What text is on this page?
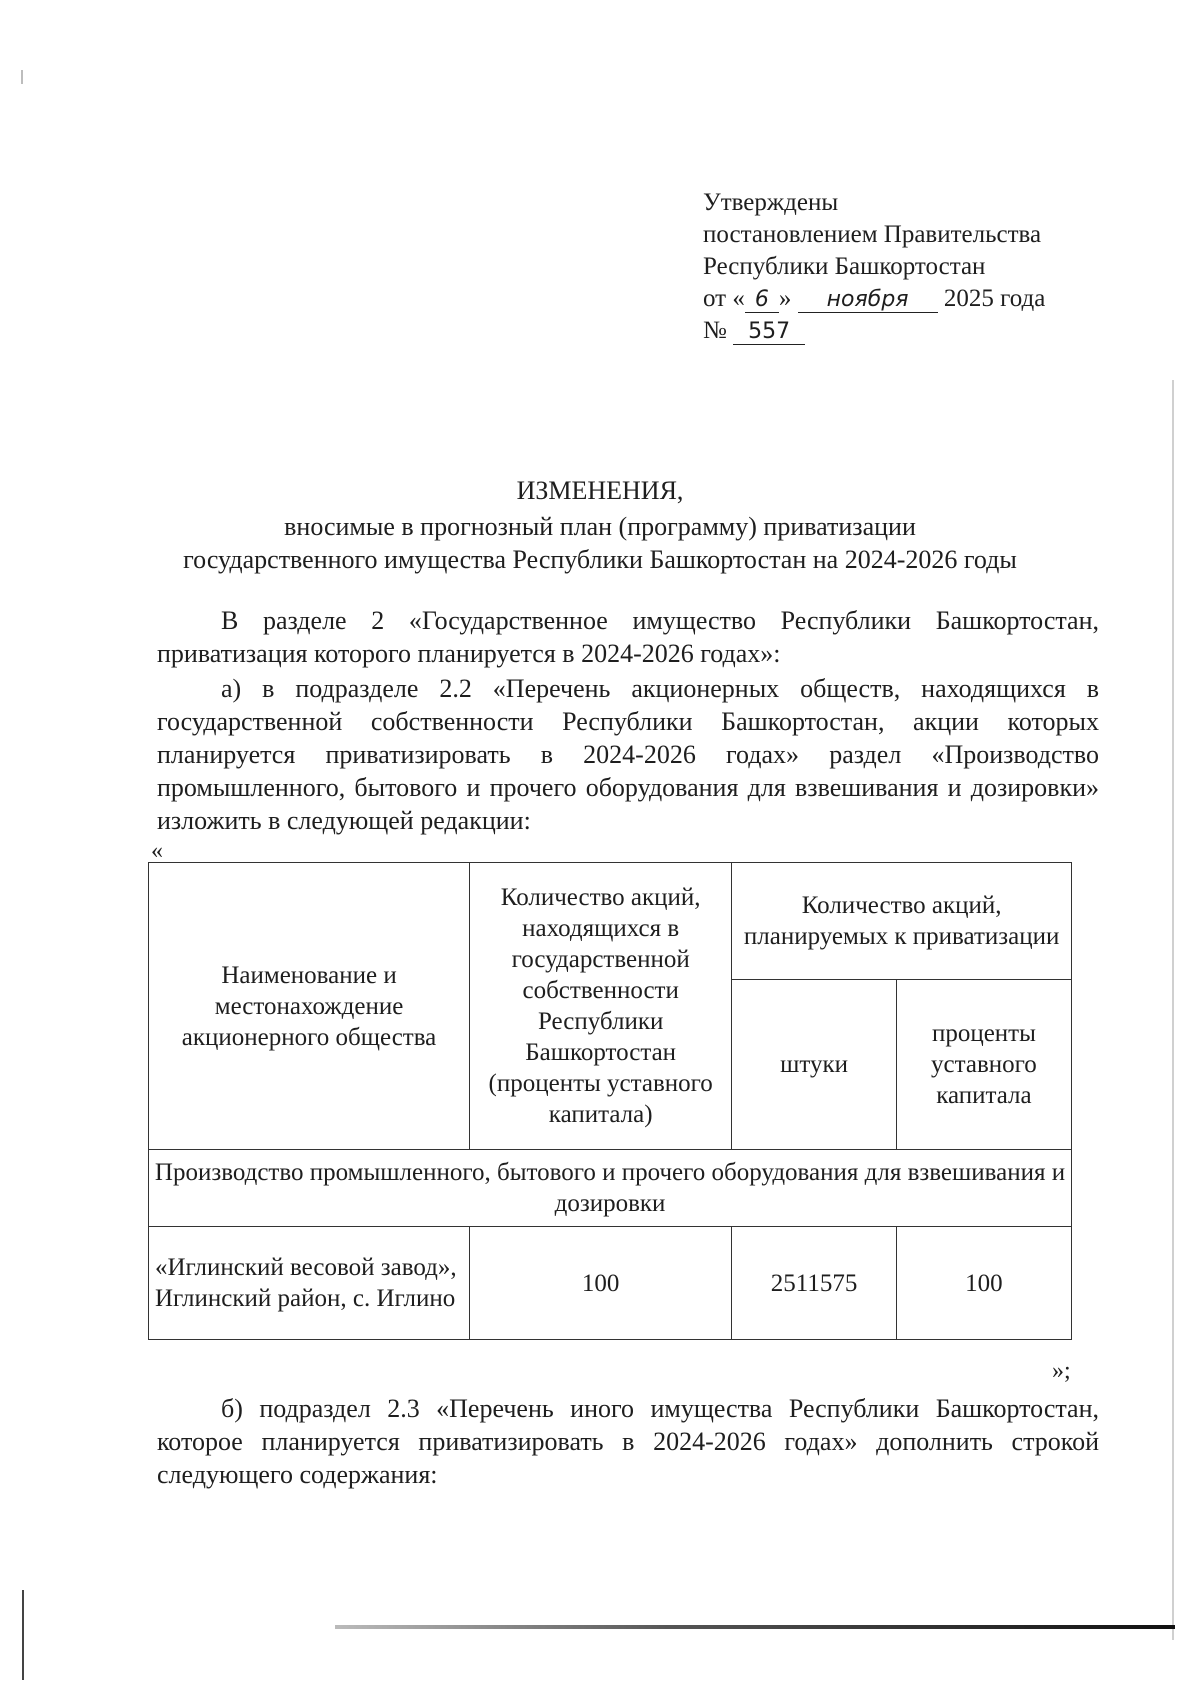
Утверждены
постановлением Правительства
Республики Башкортостан
от « 6 » ноября 2025 года
№ 557
ИЗМЕНЕНИЯ,
вносимые в прогнозный план (программу) приватизации
государственного имущества Республики Башкортостан на 2024-2026 годы
В разделе 2 «Государственное имущество Республики Башкортостан, приватизация которого планируется в 2024-2026 годах»:
а) в подразделе 2.2 «Перечень акционерных обществ, находящихся в государственной собственности Республики Башкортостан, акции которых планируется приватизировать в 2024-2026 годах» раздел «Производство промышленного, бытового и прочего оборудования для взвешивания и дозировки» изложить в следующей редакции:
«
Наименование и местонахождение акционерного общества	Количество акций, находящихся в государственной собственности Республики Башкортостан (проценты уставного капитала)	Количество акций, планируемых к приватизации	
		штуки	проценты уставного капитала
Производство промышленного, бытового и прочего оборудования для взвешивания и дозировки			
«Иглинский весовой завод», Иглинский район, с. Иглино	100	2511575	100
»;
б) подраздел 2.3 «Перечень иного имущества Республики Башкортостан, которое планируется приватизировать в 2024-2026 годах» дополнить строкой следующего содержания:
